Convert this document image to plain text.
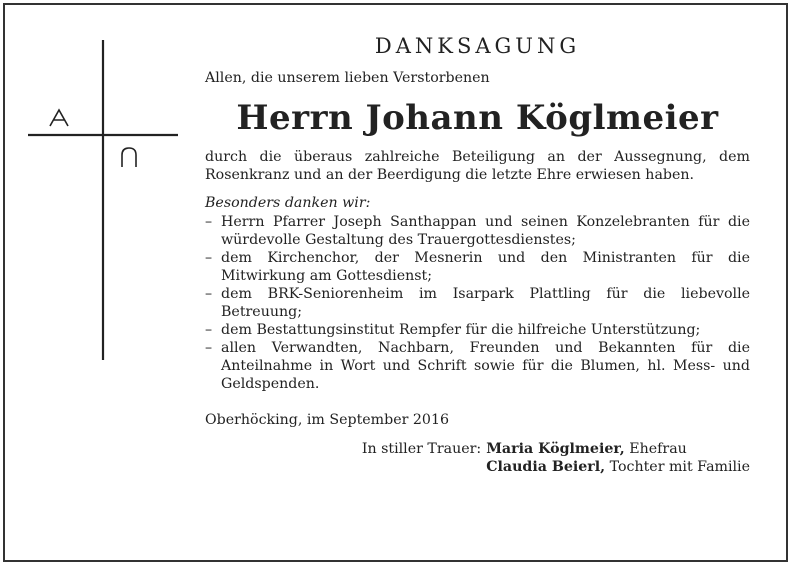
DANKSAGUNG

Allen, die unserem lieben Verstorbenen

Herrn Johann Köglmeier

durch die überaus zahlreiche Beteiligung an der Aussegnung, dem Rosenkranz und an der Beerdigung die letzte Ehre erwiesen haben.

Besonders danken wir:

– Herrn Pfarrer Joseph Santhappan und seinen Konzelebranten für die würdevolle Gestaltung des Trauergottesdienstes;
– dem Kirchenchor, der Mesnerin und den Ministranten für die Mitwirkung am Gottesdienst;
– dem BRK-Seniorenheim im Isarpark Plattling für die liebevolle Betreuung;
– dem Bestattungsinstitut Rempfer für die hilfreiche Unterstützung;
– allen Verwandten, Nachbarn, Freunden und Bekannten für die Anteilnahme in Wort und Schrift sowie für die Blumen, hl. Mess- und Geldspenden.

Oberhöcking, im September 2016

In stiller Trauer: Maria Köglmeier, Ehefrau
Claudia Beierl, Tochter mit Familie
